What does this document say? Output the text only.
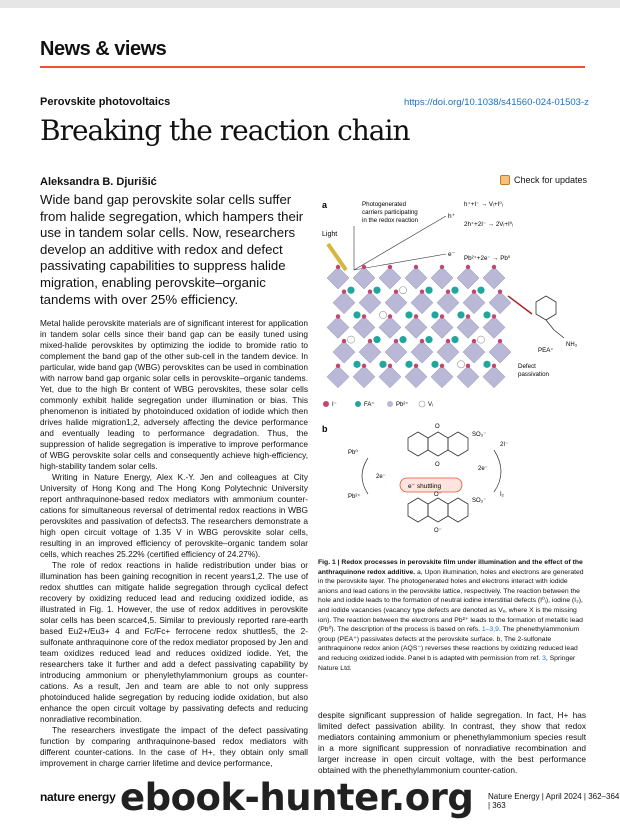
News & views
Perovskite photovoltaics	https://doi.org/10.1038/s41560-024-01503-z
Breaking the reaction chain
Aleksandra B. Djurišić	Check for updates
Wide band gap perovskite solar cells suffer from halide segregation, which hampers their use in tandem solar cells. Now, researchers develop an additive with redox and defect passivating capabilities to suppress halide migration, enabling perovskite–organic tandems with over 25% efficiency.

Metal halide perovskite materials are of significant interest for application in tandem solar cells since their band gap can be easily tuned using mixed-halide perovskites by optimizing the iodide to bromide ratio to complement the band gap of the other sub-cell in the tandem device. In particular, wide band gap (WBG) perovskites can be used in combination with narrow band gap organic solar cells in perovskite–organic tandems. Yet, due to the high Br content of WBG perovskites, these solar cells commonly exhibit halide segregation under illumination or bias. This phenomenon is initiated by photoinduced oxidation of iodide which then drives halide migration1,2, adversely affecting the device performance and eventually leading to performance degradation. Thus, the suppression of halide segregation is imperative to improve performance of WBG perovskite solar cells and consequently achieve high-efficiency, high-stability tandem solar cells.

Writing in Nature Energy, Alex K.-Y. Jen and colleagues at City University of Hong Kong and The Hong Kong Polytechnic University report anthraquinone-based redox mediators with ammonium counter-cations for simultaneous reversal of detrimental redox reactions in WBG perovskites and passivation of defects3. The researchers demonstrate a high open circuit voltage of 1.35 V in WBG perovskite solar cells, resulting in an improved efficiency of perovskite–organic tandem solar cells, which reaches 25.22% (certified efficiency of 24.27%).

The role of redox reactions in halide redistribution under bias or illumination has been gaining recognition in recent years1,2. The use of redox shuttles can mitigate halide segregation through cyclical defect recovery by oxidizing reduced lead and reducing oxidized iodide, as illustrated in Fig. 1. However, the use of redox additives in perovskite solar cells has been scarce4,5. Similar to previously reported rare-earth based Eu2+/Eu3+ 4 and Fc/Fc+ ferrocene redox shuttles5, the 2-sulfonate anthraquinone core of the redox mediator proposed by Jen and team oxidizes reduced lead and reduces oxidized iodide. Yet, the researchers take it further and add a defect passivating capability by introducing ammonium or phenylethylammonium groups as counter-cations. As a result, Jen and team are able to not only suppress photoinduced halide segregation by reducing iodide oxidation, but also enhance the open circuit voltage by passivating defects and reducing nonradiative recombination.

The researchers investigate the impact of the defect passivating function by comparing anthraquinone-based redox mediators with different counter-cations. In the case of H+, they obtain only small improvement in charge carrier lifetime and device performance,

a
Light
Photogenerated
carriers participating
in the redox reaction
h⁺
e⁻
h⁺+I⁻ → Vᵢ+I⁰ᵢ
2h⁺+2I⁻ → 2Vᵢ+I⁰ᵢ
Pb²⁺+2e⁻ → Pb⁰
PEA⁺
NH₃
Defect
passivation
I⁻	FA⁺	Pb²⁺	Vᵢ
b	O
O
SO₃⁻
e⁻ shuttling
Pb⁰
Pb²⁺
2e⁻
2e⁻
2I⁻
I₂
O⁻
O⁻
SO₃⁻
Fig. 1 | Redox processes in perovskite film under illumination and the effect of the anthraquinone redox additive. a, Upon illumination, holes and electrons are generated in the perovskite layer. The photogenerated holes and electrons interact with iodide anions and lead cations in the perovskite lattice, respectively. The reaction between the hole and iodide leads to the formation of neutral iodine interstitial defects (I⁰ᵢ), iodine (I₂), and iodide vacancies (vacancy type defects are denoted as Vₓ, where X is the missing ion). The reaction between the electrons and Pb²⁺ leads to the formation of metallic lead (Pb⁰). The description of the process is based on refs. 1–3,9. The phenethylammonium group (PEA⁺) passivates defects at the perovskite surface. b, The 2-sulfonate anthraquinone redox anion (AQS⁻) reverses these reactions by oxidizing reduced lead and reducing oxidized iodide. Panel b is adapted with permission from ref. 3, Springer Nature Ltd.
despite significant suppression of halide segregation. In fact, H+ has limited defect passivation ability. In contrast, they show that redox mediators containing ammonium or phenethylammonium species result in a more significant suppression of nonradiative recombination and larger increase in open circuit voltage, with the best performance obtained with the phenethylammonium counter-cation.
nature energy	Nature Energy | April 2024 | 362–364 | 363
ebook-hunter.org
